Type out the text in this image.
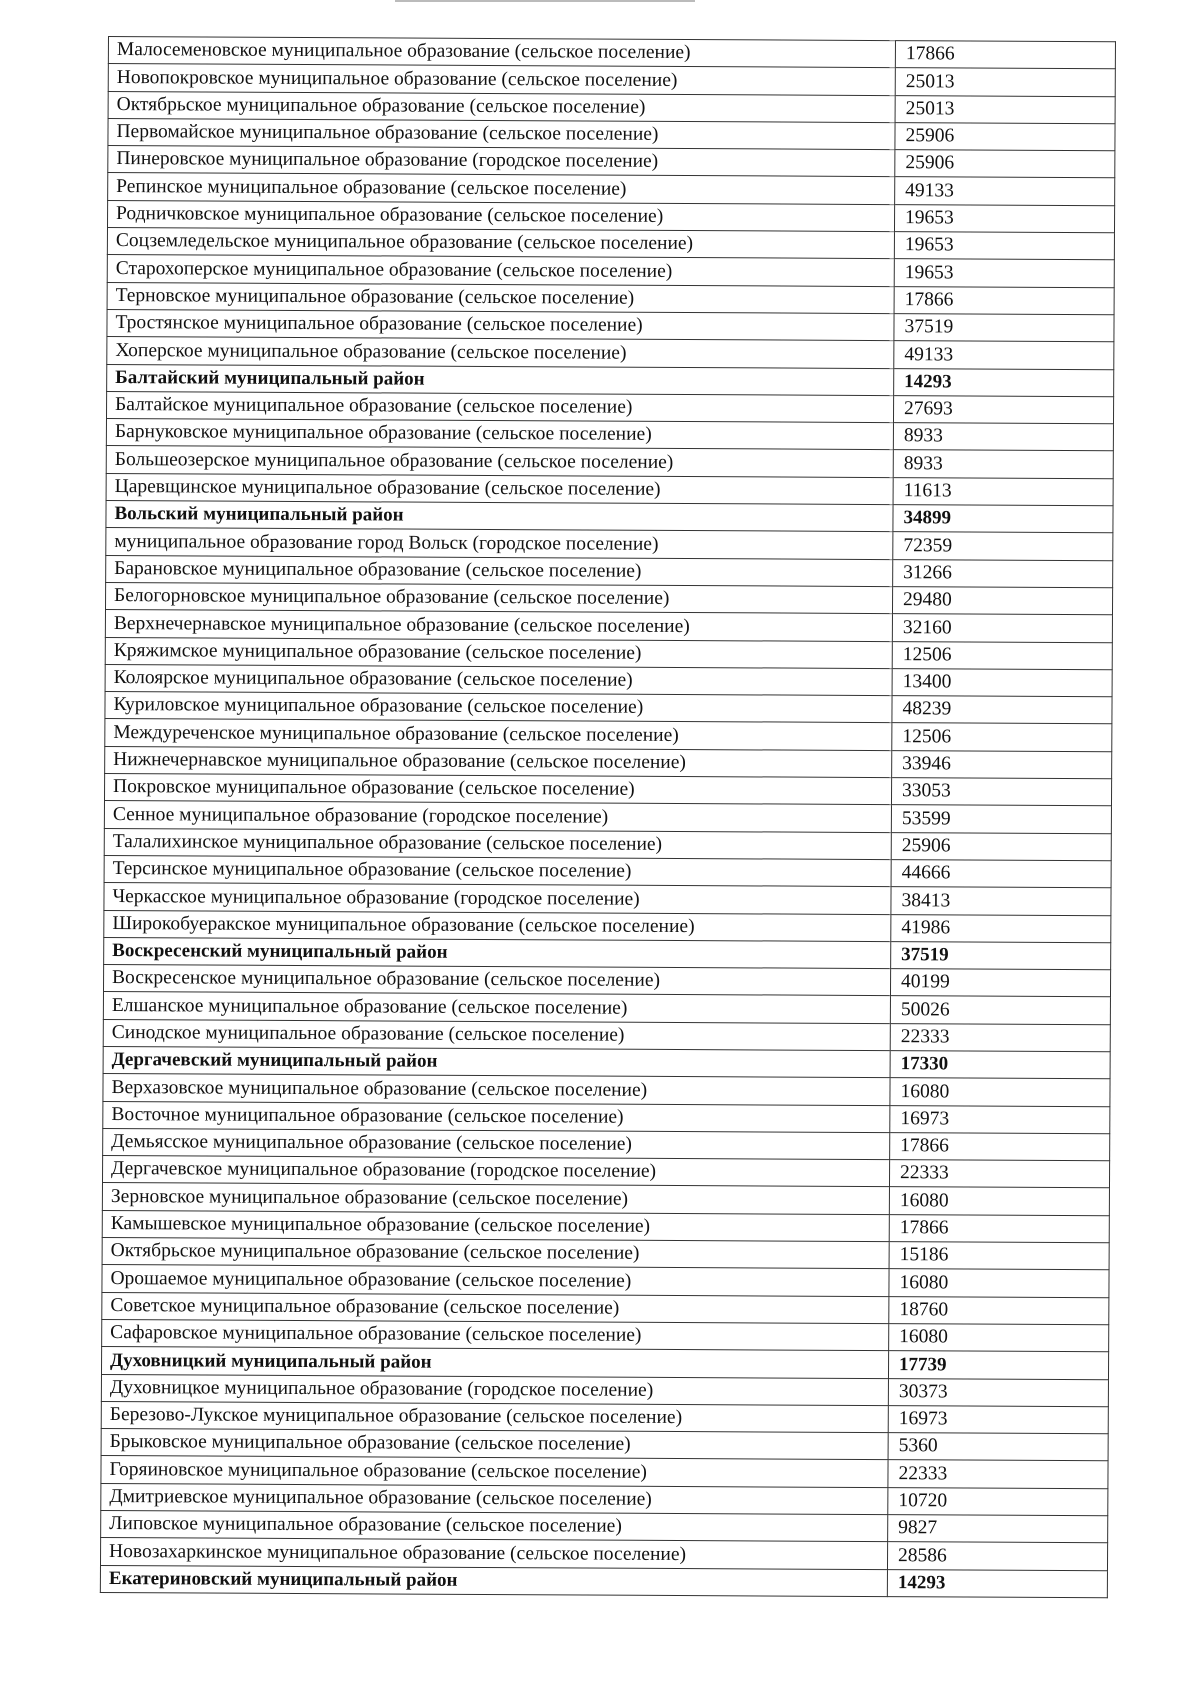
Малосеменовское муниципальное образование (сельское поселение)	17866
Новопокровское муниципальное образование (сельское поселение)	25013
Октябрьское муниципальное образование (сельское поселение)	25013
Первомайское муниципальное образование (сельское поселение)	25906
Пинеровское муниципальное образование (городское поселение)	25906
Репинское муниципальное образование (сельское поселение)	49133
Родничковское муниципальное образование (сельское поселение)	19653
Соцземледельское муниципальное образование (сельское поселение)	19653
Старохоперское муниципальное образование (сельское поселение)	19653
Терновское муниципальное образование (сельское поселение)	17866
Тростянское муниципальное образование (сельское поселение)	37519
Хоперское муниципальное образование (сельское поселение)	49133
Балтайский муниципальный район	14293
Балтайское муниципальное образование (сельское поселение)	27693
Барнуковское муниципальное образование (сельское поселение)	8933
Большеозерское муниципальное образование (сельское поселение)	8933
Царевщинское муниципальное образование (сельское поселение)	11613
Вольский муниципальный район	34899
муниципальное образование город Вольск (городское поселение)	72359
Барановское муниципальное образование (сельское поселение)	31266
Белогорновское муниципальное образование (сельское поселение)	29480
Верхнечернавское муниципальное образование (сельское поселение)	32160
Кряжимское муниципальное образование (сельское поселение)	12506
Колоярское муниципальное образование (сельское поселение)	13400
Куриловское муниципальное образование (сельское поселение)	48239
Междуреченское муниципальное образование (сельское поселение)	12506
Нижнечернавское муниципальное образование (сельское поселение)	33946
Покровское муниципальное образование (сельское поселение)	33053
Сенное муниципальное образование (городское поселение)	53599
Талалихинское муниципальное образование (сельское поселение)	25906
Терсинское муниципальное образование (сельское поселение)	44666
Черкасское муниципальное образование (городское поселение)	38413
Широкобуеракское муниципальное образование (сельское поселение)	41986
Воскресенский муниципальный район	37519
Воскресенское муниципальное образование (сельское поселение)	40199
Елшанское муниципальное образование (сельское поселение)	50026
Синодское муниципальное образование (сельское поселение)	22333
Дергачевский муниципальный район	17330
Верхазовское муниципальное образование (сельское поселение)	16080
Восточное муниципальное образование (сельское поселение)	16973
Демьясское муниципальное образование (сельское поселение)	17866
Дергачевское муниципальное образование (городское поселение)	22333
Зерновское муниципальное образование (сельское поселение)	16080
Камышевское муниципальное образование (сельское поселение)	17866
Октябрьское муниципальное образование (сельское поселение)	15186
Орошаемое муниципальное образование (сельское поселение)	16080
Советское муниципальное образование (сельское поселение)	18760
Сафаровское муниципальное образование (сельское поселение)	16080
Духовницкий муниципальный район	17739
Духовницкое муниципальное образование (городское поселение)	30373
Березово-Лукское муниципальное образование (сельское поселение)	16973
Брыковское муниципальное образование (сельское поселение)	5360
Горяиновское муниципальное образование (сельское поселение)	22333
Дмитриевское муниципальное образование (сельское поселение)	10720
Липовское муниципальное образование (сельское поселение)	9827
Новозахаркинское муниципальное образование (сельское поселение)	28586
Екатериновский муниципальный район	14293
